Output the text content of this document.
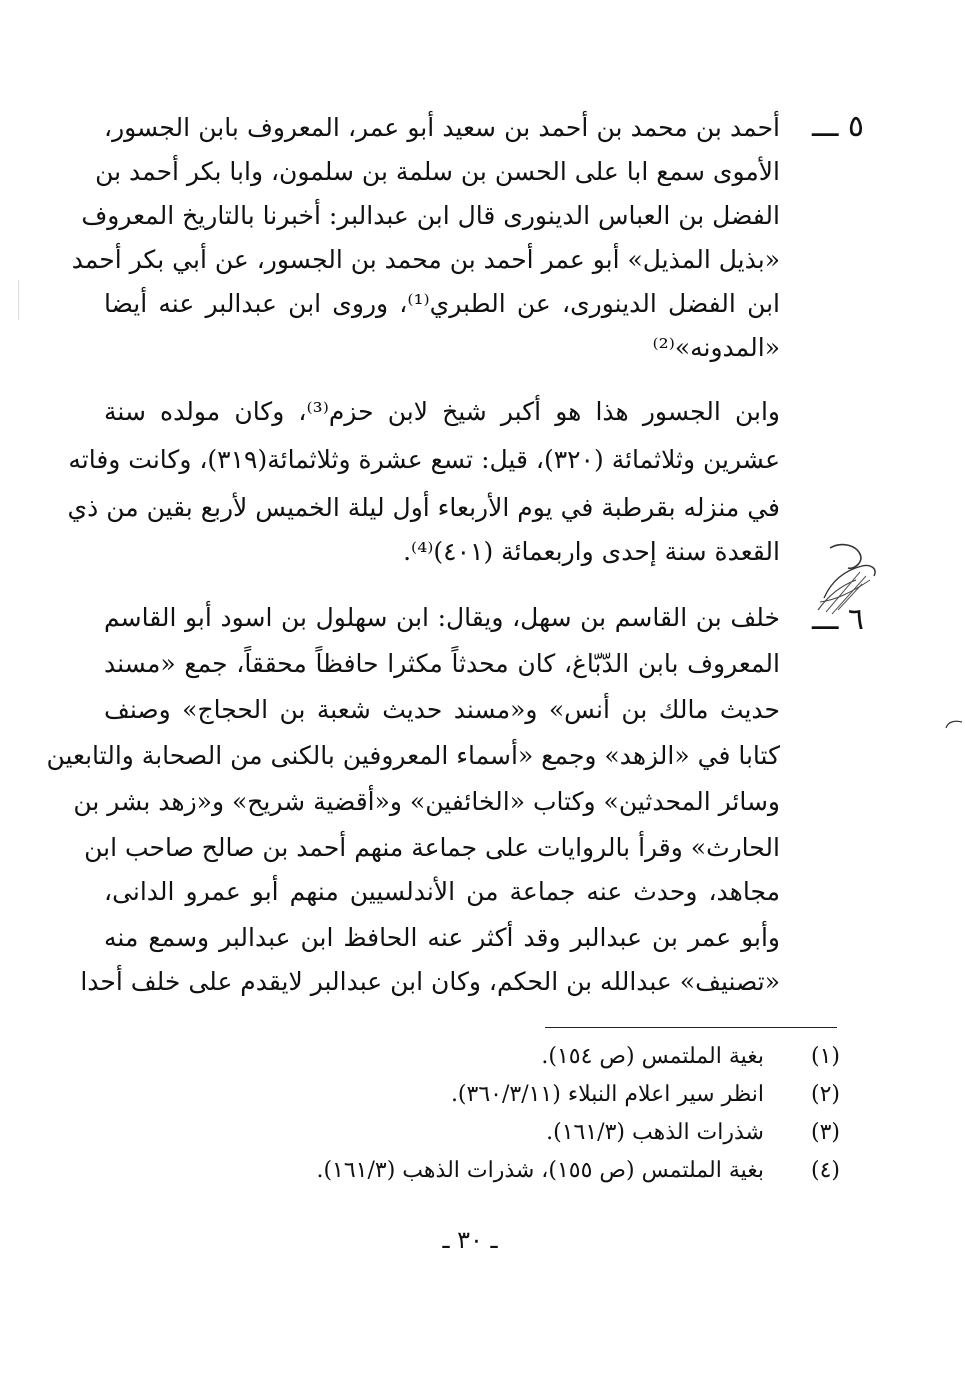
٥ ـــ
أحمد بن محمد بن أحمد بن سعيد أبو عمر، المعروف بابن الجسور،
الأموى سمع ابا على الحسن بن سلمة بن سلمون، وابا بكر أحمد بن
الفضل بن العباس الدينورى قال ابن عبدالبر: أخبرنا بالتاريخ المعروف
«بذيل المذيل» أبو عمر أحمد بن محمد بن الجسور، عن أبي بكر أحمد
ابن الفضل الدينورى، عن الطبري⁽¹⁾، وروى ابن عبدالبر عنه أيضا
«المدونه»⁽²⁾
وابن الجسور هذا هو أكبر شيخ لابن حزم⁽³⁾، وكان مولده سنة
عشرين وثلاثمائة (٣٢٠)، قيل: تسع عشرة وثلاثمائة(٣١٩)، وكانت وفاته
في منزله بقرطبة في يوم الأربعاء أول ليلة الخميس لأربع بقين من ذي
القعدة سنة إحدى واربعمائة (٤٠١)⁽⁴⁾.
٦ ـــ
خلف بن القاسم بن سهل، ويقال: ابن سهلول بن اسود أبو القاسم
المعروف بابن الدّبّاغ، كان محدثاً مكثرا حافظاً محققاً، جمع «مسند
حديث مالك بن أنس» و«مسند حديث شعبة بن الحجاج» وصنف
كتابا في «الزهد» وجمع «أسماء المعروفين بالكنى من الصحابة والتابعين
وسائر المحدثين» وكتاب «الخائفين» و«أقضية شريح» و«زهد بشر بن
الحارث» وقرأ بالروايات على جماعة منهم أحمد بن صالح صاحب ابن
مجاهد، وحدث عنه جماعة من الأندلسيين منهم أبو عمرو الدانى،
وأبو عمر بن عبدالبر وقد أكثر عنه الحافظ ابن عبدالبر وسمع منه
«تصنيف» عبدالله بن الحكم، وكان ابن عبدالبر لايقدم على خلف أحدا
(١)
بغية الملتمس (ص ١٥٤).
(٢)
انظر سير اعلام النبلاء (٣٦٠/٣/١١).
(٣)
شذرات الذهب (١٦١/٣).
(٤)
بغية الملتمس (ص ١٥٥)، شذرات الذهب (١٦١/٣).
ـ ٣٠ ـ
